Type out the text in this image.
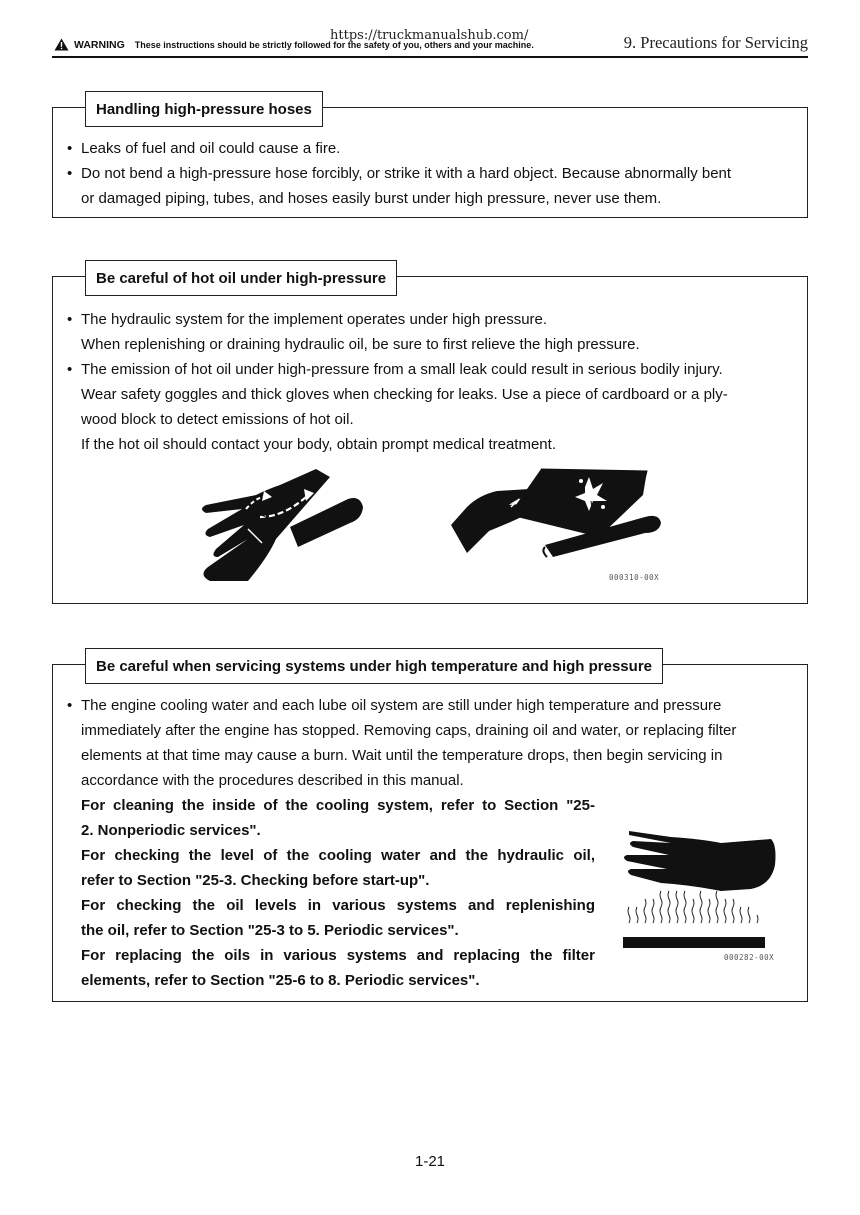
WARNING These instructions should be strictly followed for the safety of you, others and your machine.
https://truckmanualshub.com/	9. Precautions for Servicing
Handling high-pressure hoses
• Leaks of fuel and oil could cause a fire.
• Do not bend a high-pressure hose forcibly, or strike it with a hard object. Because abnormally bent
or damaged piping, tubes, and hoses easily burst under high pressure, never use them.
Be careful of hot oil under high-pressure
• The hydraulic system for the implement operates under high pressure.
When replenishing or draining hydraulic oil, be sure to first relieve the high pressure.
• The emission of hot oil under high-pressure from a small leak could result in serious bodily injury.
Wear safety goggles and thick gloves when checking for leaks. Use a piece of cardboard or a ply-
wood block to detect emissions of hot oil.
If the hot oil should contact your body, obtain prompt medical treatment.
000310-00X
Be careful when servicing systems under high temperature and high pressure
• The engine cooling water and each lube oil system are still under high temperature and pressure
immediately after the engine has stopped. Removing caps, draining oil and water, or replacing filter
elements at that time may cause a burn. Wait until the temperature drops, then begin servicing in
accordance with the procedures described in this manual.
For cleaning the inside of the cooling system, refer to Section "25-
2. Nonperiodic services".
For checking the level of the cooling water and the hydraulic oil,
refer to Section "25-3. Checking before start-up".
For checking the oil levels in various systems and replenishing
the oil, refer to Section "25-3 to 5. Periodic services".
For replacing the oils in various systems and replacing the filter
elements, refer to Section "25-6 to 8. Periodic services".
000282-00X
1-21
